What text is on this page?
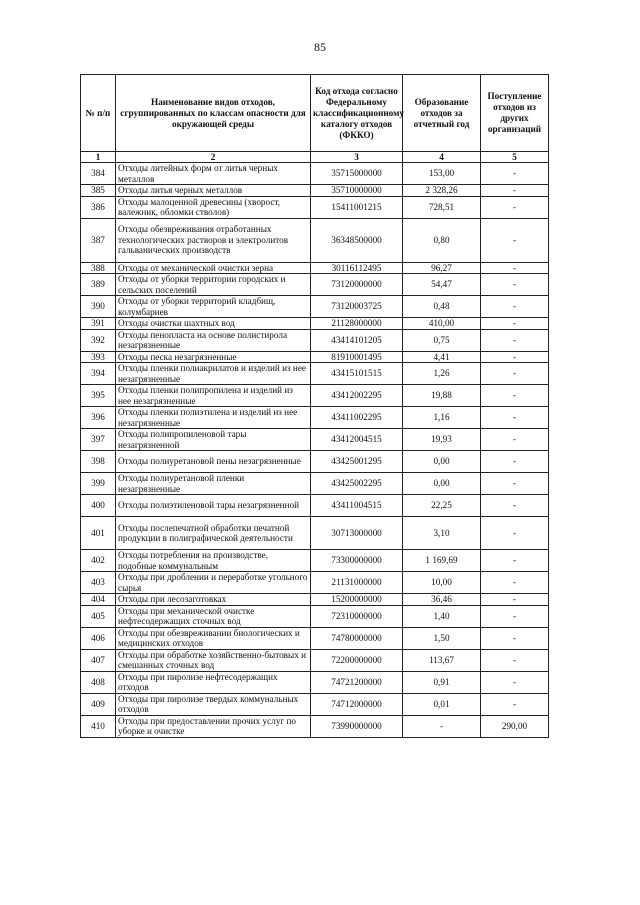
85
№ п/п	Наименование видов отходов, сгруппированных по классам опасности для окружающей среды	Код отхода согласно Федеральному классификационному каталогу отходов (ФККО)	Образование отходов за отчетный год	Поступление отходов из других организаций
1	2	3	4	5
384	Отходы литейных форм от литья черных металлов	35715000000	153,00	-
385	Отходы литья черных металлов	35710000000	2 328,26	-
386	Отходы малоценной древесины (хворост, валежник, обломки стволов)	15411001215	728,51	-
387	Отходы обезвреживания отработанных технологических растворов и электролитов гальванических производств	36348500000	0,80	-
388	Отходы от механической очистки зерна	30116112495	96,27	-
389	Отходы от уборки территории городских и сельских поселений	73120000000	54,47	-
390	Отходы от уборки территорий кладбищ, колумбариев	73120003725	0,48	-
391	Отходы очистки шахтных вод	21128000000	410,00	-
392	Отходы пенопласта на основе полистирола незагрязненные	43414101205	0,75	-
393	Отходы песка незагрязненные	81910001495	4,41	-
394	Отходы пленки полиакрилатов и изделий из нее незагрязненные	43415101515	1,26	-
395	Отходы пленки полипропилена и изделий из нее незагрязненные	43412002295	19,88	-
396	Отходы пленки полиэтилена и изделий из нее незагрязненные	43411002295	1,16	-
397	Отходы полипропиленовой тары незагрязненной	43412004515	19,93	-
398	Отходы полиуретановой пены незагрязненные	43425001295	0,00	-
399	Отходы полиуретановой пленки незагрязненные	43425002295	0,00	-
400	Отходы полиэтиленовой тары незагрязненной	43411004515	22,25	-
401	Отходы послепечатной обработки печатной продукции в полиграфической деятельности	30713000000	3,10	-
402	Отходы потребления на производстве, подобные коммунальным	73300000000	1 169,69	-
403	Отходы при дроблении и переработке угольного сырья	21131000000	10,00	-
404	Отходы при лесозаготовках	15200000000	36,46	-
405	Отходы при механической очистке нефтесодержащих сточных вод	72310000000	1,40	-
406	Отходы при обезвреживании биологических и медицинских отходов	74780000000	1,50	-
407	Отходы при обработке хозяйственно-бытовых и смешанных сточных вод	72200000000	113,67	-
408	Отходы при пиролизе нефтесодержащих отходов	74721200000	0,91	-
409	Отходы при пиролизе твердых коммунальных отходов	74712000000	0,01	-
410	Отходы при предоставлении прочих услуг по уборке и очистке	73990000000	-	290,00
